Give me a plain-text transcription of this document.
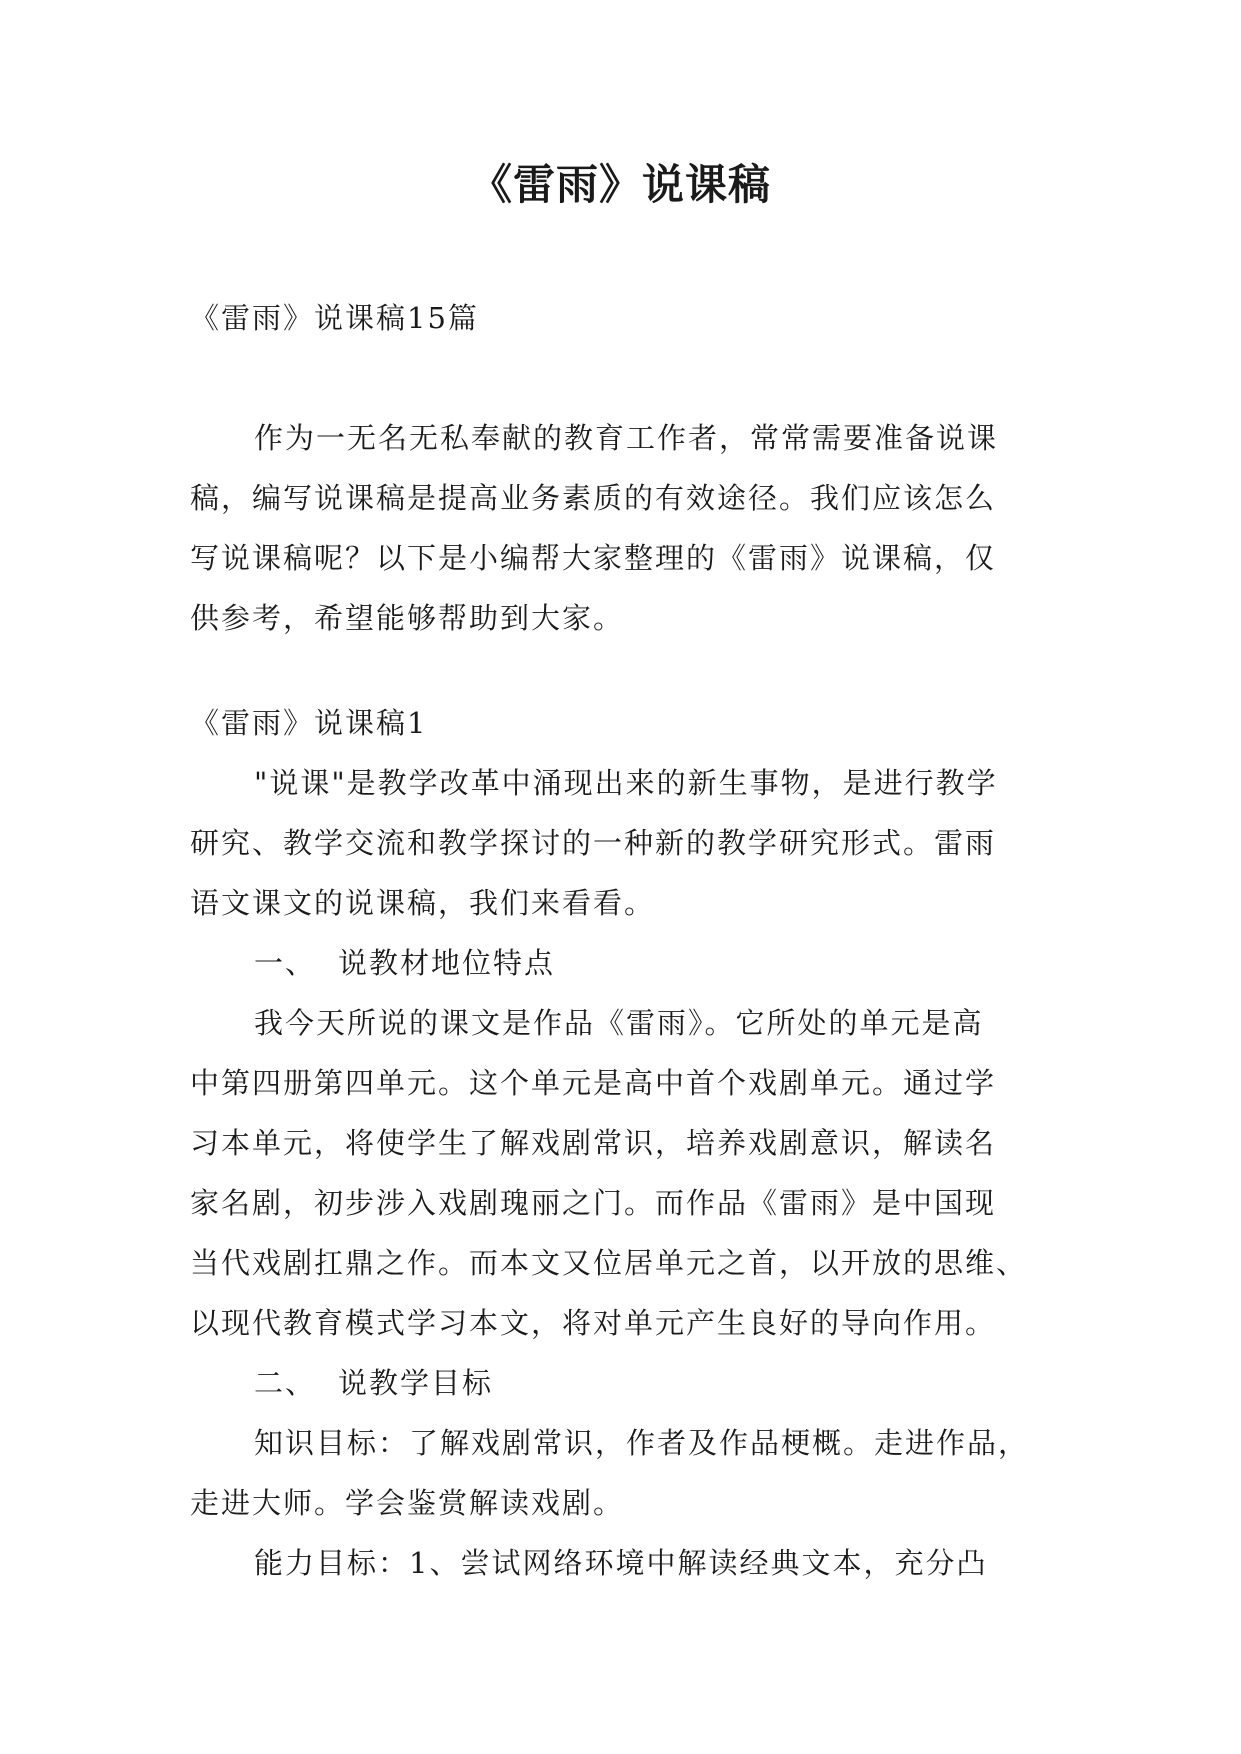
《雷雨》说课稿
《雷雨》说课稿15篇
作为一无名无私奉献的教育工作者，常常需要准备说课
稿，编写说课稿是提高业务素质的有效途径。我们应该怎么
写说课稿呢？以下是小编帮大家整理的《雷雨》说课稿，仅
供参考，希望能够帮助到大家。
《雷雨》说课稿1
"说课"是教学改革中涌现出来的新生事物，是进行教学
研究、教学交流和教学探讨的一种新的教学研究形式。雷雨
语文课文的说课稿，我们来看看。
一、 说教材地位特点
我今天所说的课文是作品《雷雨》。它所处的单元是高
中第四册第四单元。这个单元是高中首个戏剧单元。通过学
习本单元，将使学生了解戏剧常识，培养戏剧意识，解读名
家名剧，初步涉入戏剧瑰丽之门。而作品《雷雨》是中国现
当代戏剧扛鼎之作。而本文又位居单元之首，以开放的思维、
以现代教育模式学习本文，将对单元产生良好的导向作用。
二、 说教学目标
知识目标：了解戏剧常识，作者及作品梗概。走进作品，
走进大师。学会鉴赏解读戏剧。
能力目标：1、尝试网络环境中解读经典文本，充分凸
